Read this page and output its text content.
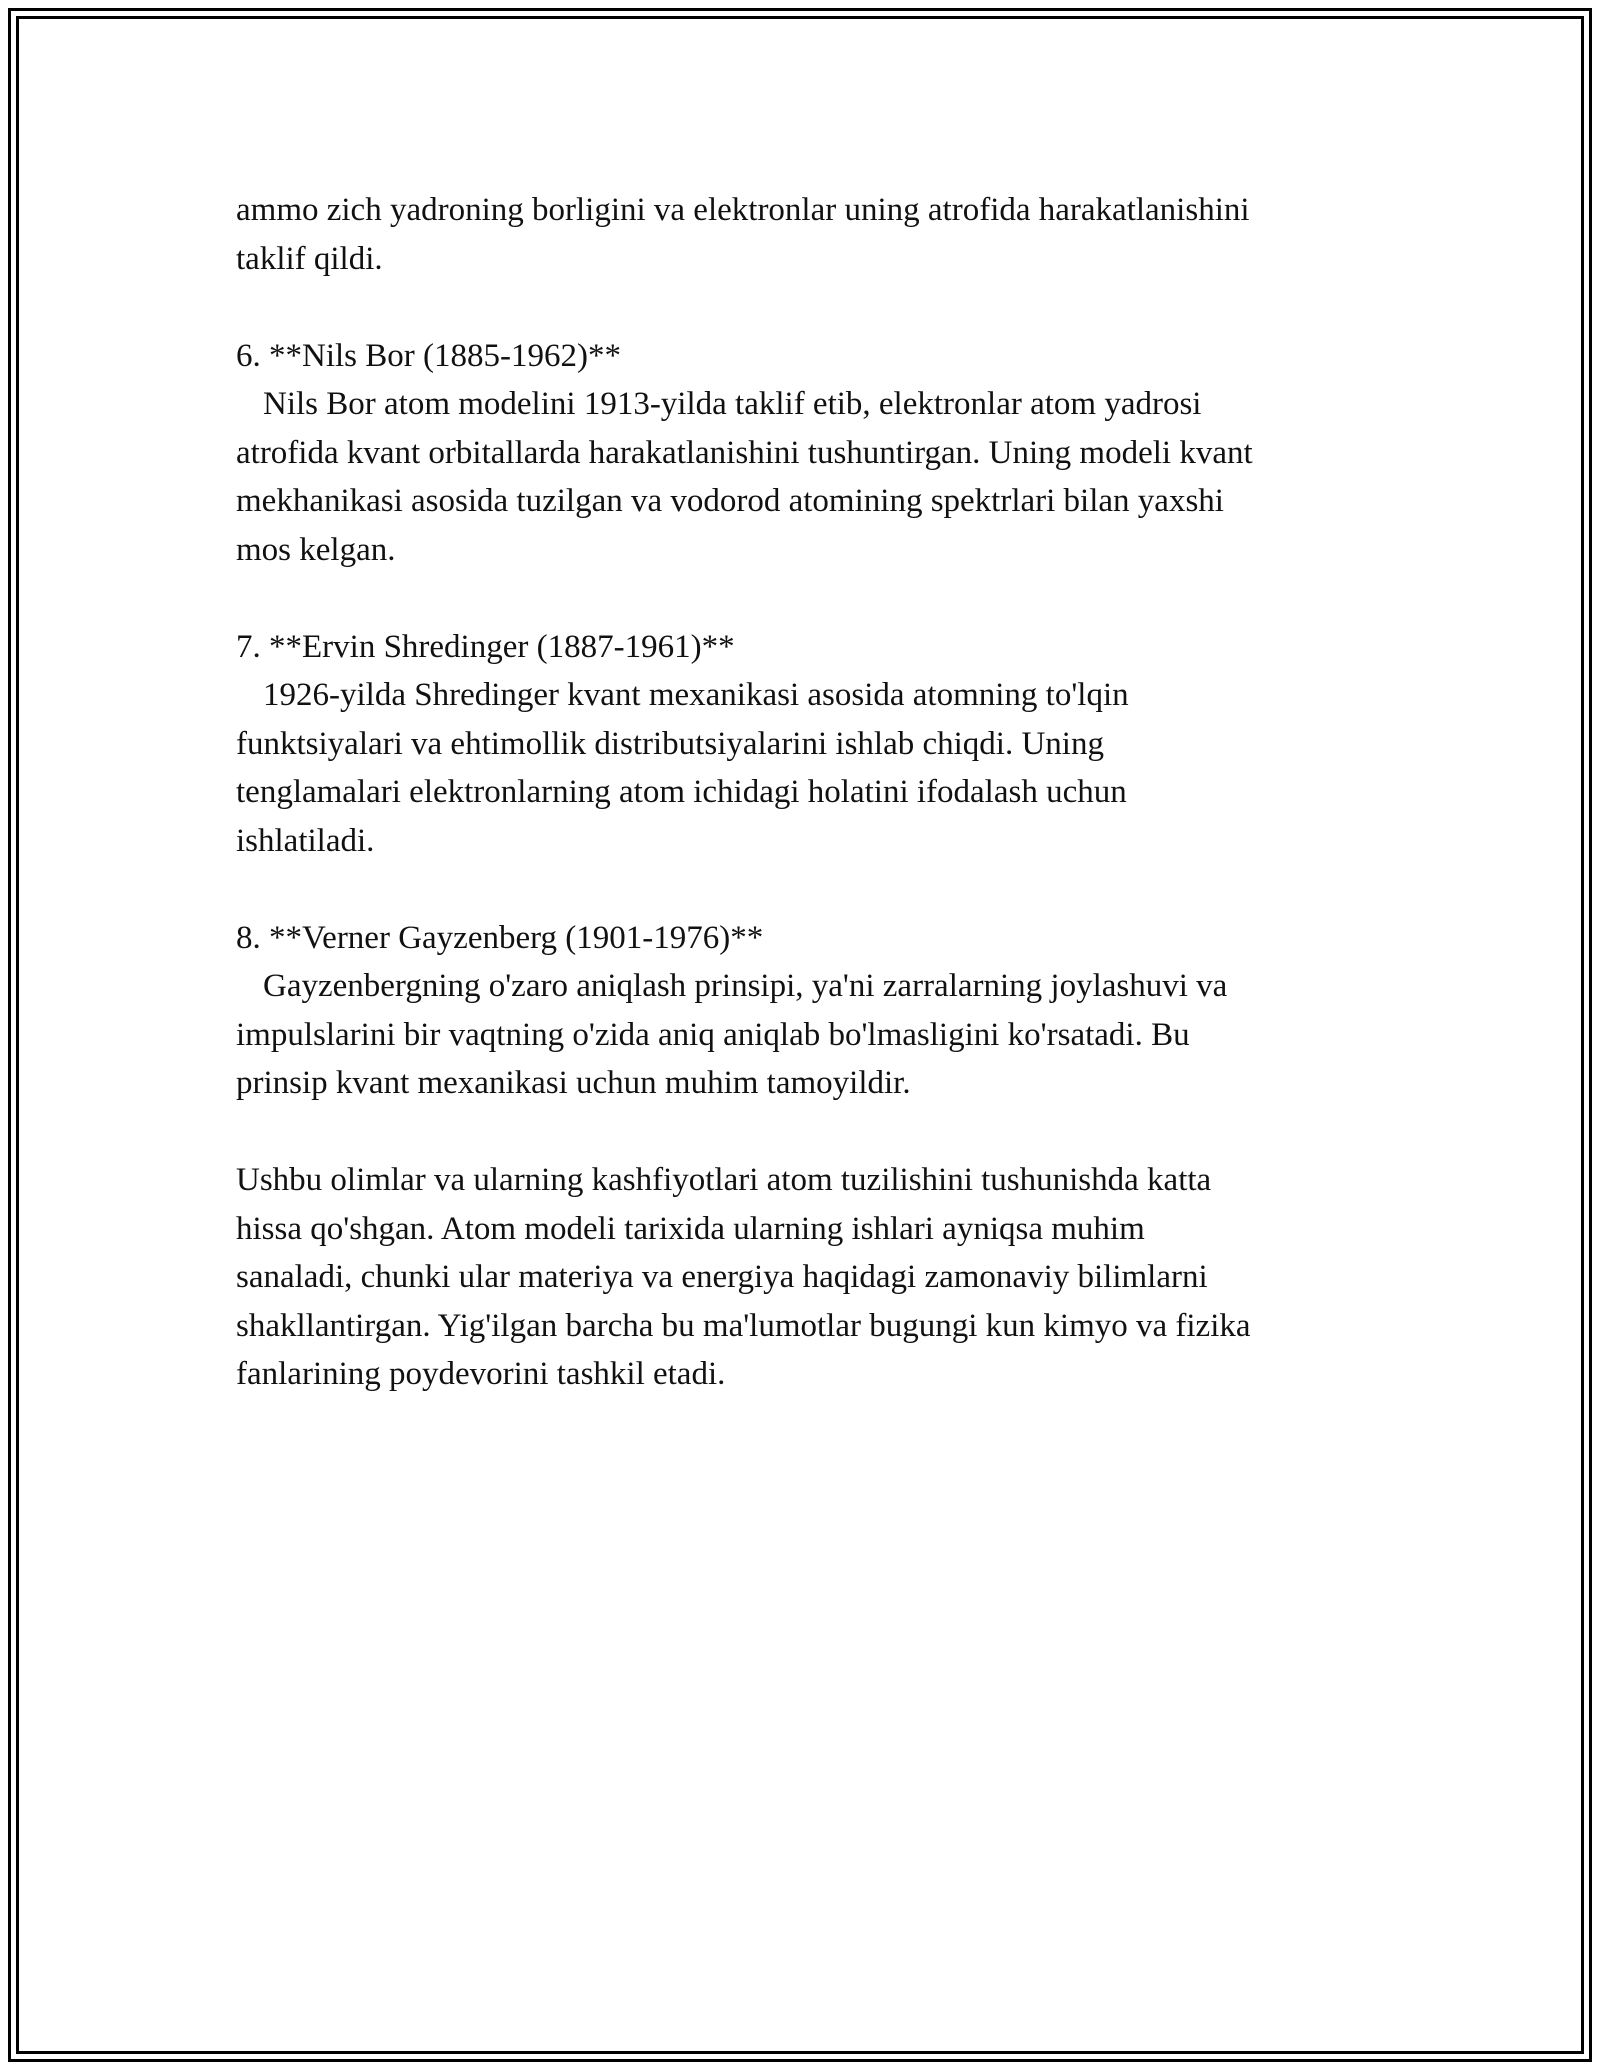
ammo zich yadroning borligini va elektronlar uning atrofida harakatlanishini
taklif qildi.
6. **Nils Bor (1885-1962)**
Nils Bor atom modelini 1913-yilda taklif etib, elektronlar atom yadrosi
atrofida kvant orbitallarda harakatlanishini tushuntirgan. Uning modeli kvant
mekhanikasi asosida tuzilgan va vodorod atomining spektrlari bilan yaxshi
mos kelgan.
7. **Ervin Shredinger (1887-1961)**
1926-yilda Shredinger kvant mexanikasi asosida atomning to'lqin
funktsiyalari va ehtimollik distributsiyalarini ishlab chiqdi. Uning
tenglamalari elektronlarning atom ichidagi holatini ifodalash uchun
ishlatiladi.
8. **Verner Gayzenberg (1901-1976)**
Gayzenbergning o'zaro aniqlash prinsipi, ya'ni zarralarning joylashuvi va
impulslarini bir vaqtning o'zida aniq aniqlab bo'lmasligini ko'rsatadi. Bu
prinsip kvant mexanikasi uchun muhim tamoyildir.
Ushbu olimlar va ularning kashfiyotlari atom tuzilishini tushunishda katta
hissa qo'shgan. Atom modeli tarixida ularning ishlari ayniqsa muhim
sanaladi, chunki ular materiya va energiya haqidagi zamonaviy bilimlarni
shakllantirgan. Yig'ilgan barcha bu ma'lumotlar bugungi kun kimyo va fizika
fanlarining poydevorini tashkil etadi.
